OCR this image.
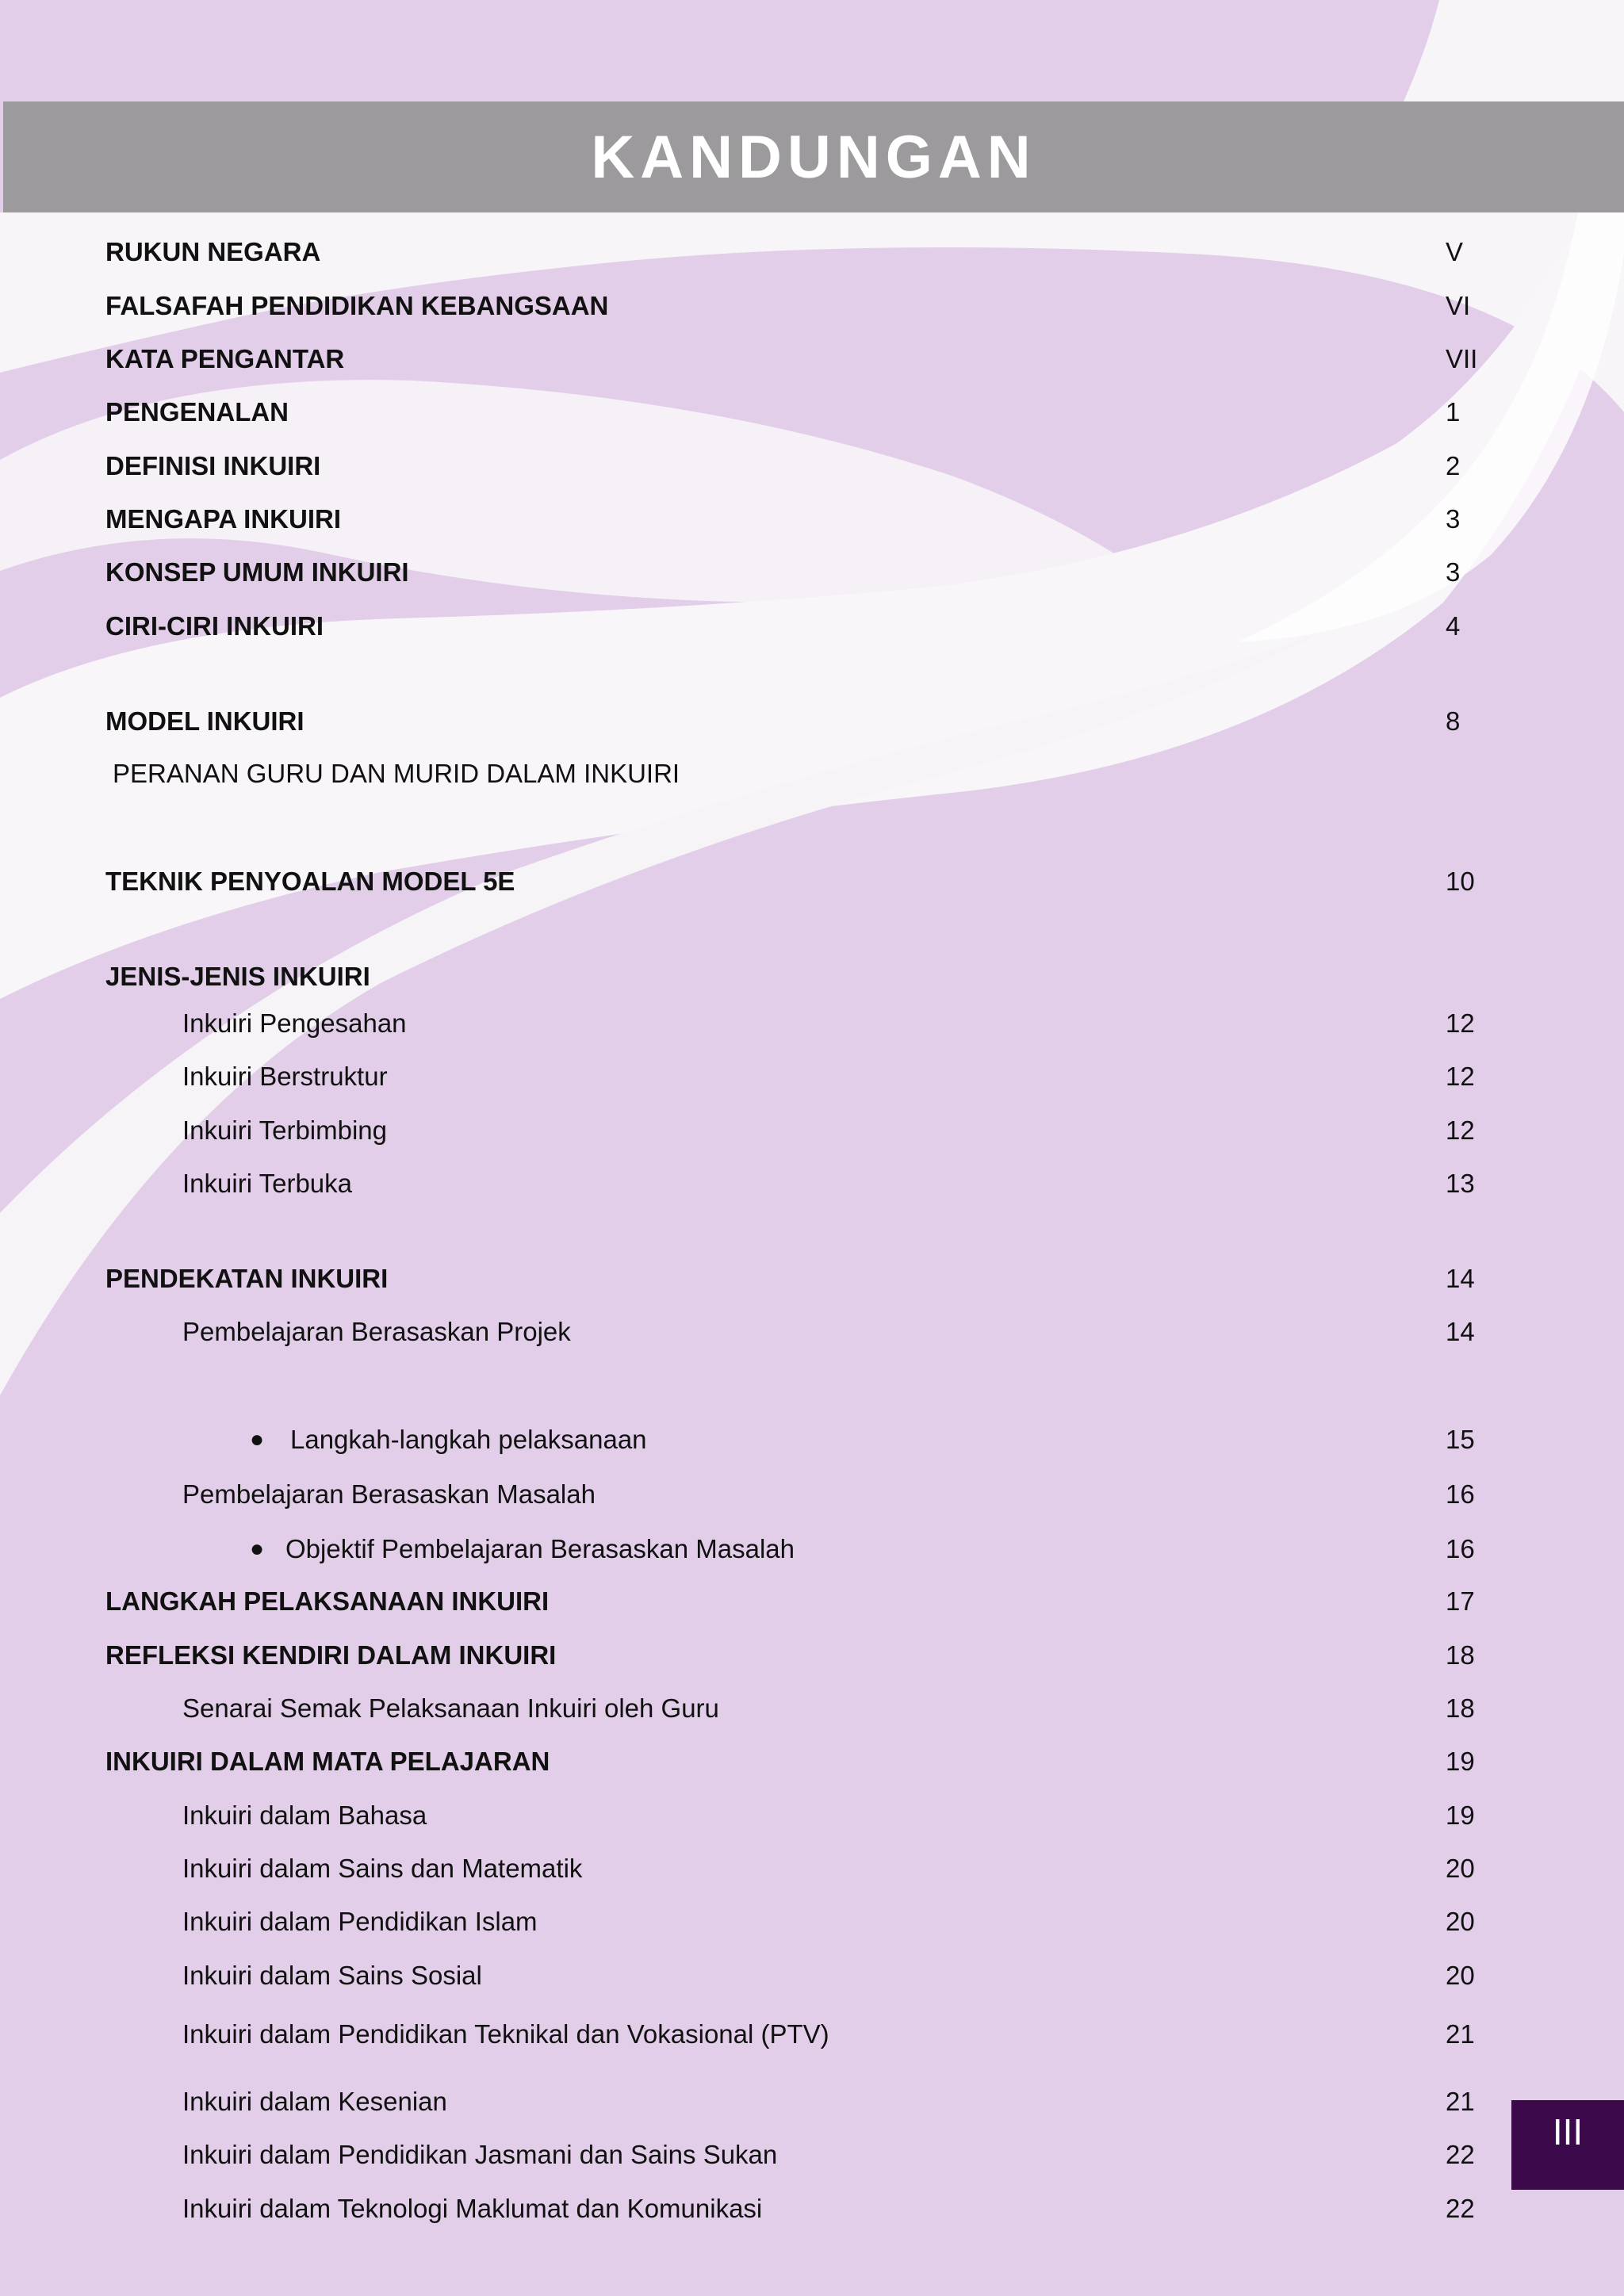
KANDUNGAN
RUKUN NEGARA	V
FALSAFAH PENDIDIKAN KEBANGSAAN	VI
KATA PENGANTAR	VII
PENGENALAN	1
DEFINISI INKUIRI	2
MENGAPA INKUIRI	3
KONSEP UMUM INKUIRI	3
CIRI-CIRI INKUIRI	4
MODEL INKUIRI	8
PERANAN GURU DAN MURID DALAM INKUIRI
TEKNIK PENYOALAN MODEL 5E	10
JENIS-JENIS INKUIRI
Inkuiri Pengesahan	12
Inkuiri Berstruktur	12
Inkuiri Terbimbing	12
Inkuiri Terbuka	13
PENDEKATAN INKUIRI	14
Pembelajaran Berasaskan Projek	14
● Langkah-langkah pelaksanaan	15
Pembelajaran Berasaskan Masalah	16
● Objektif Pembelajaran Berasaskan Masalah	16
LANGKAH PELAKSANAAN INKUIRI	17
REFLEKSI KENDIRI DALAM INKUIRI	18
Senarai Semak Pelaksanaan Inkuiri oleh Guru	18
INKUIRI DALAM MATA PELAJARAN	19
Inkuiri dalam Bahasa	19
Inkuiri dalam Sains dan Matematik	20
Inkuiri dalam Pendidikan Islam	20
Inkuiri dalam Sains Sosial	20
Inkuiri dalam Pendidikan Teknikal dan Vokasional (PTV)	21
Inkuiri dalam Kesenian	21
Inkuiri dalam Pendidikan Jasmani dan Sains Sukan	22
Inkuiri dalam Teknologi Maklumat dan Komunikasi	22
III
